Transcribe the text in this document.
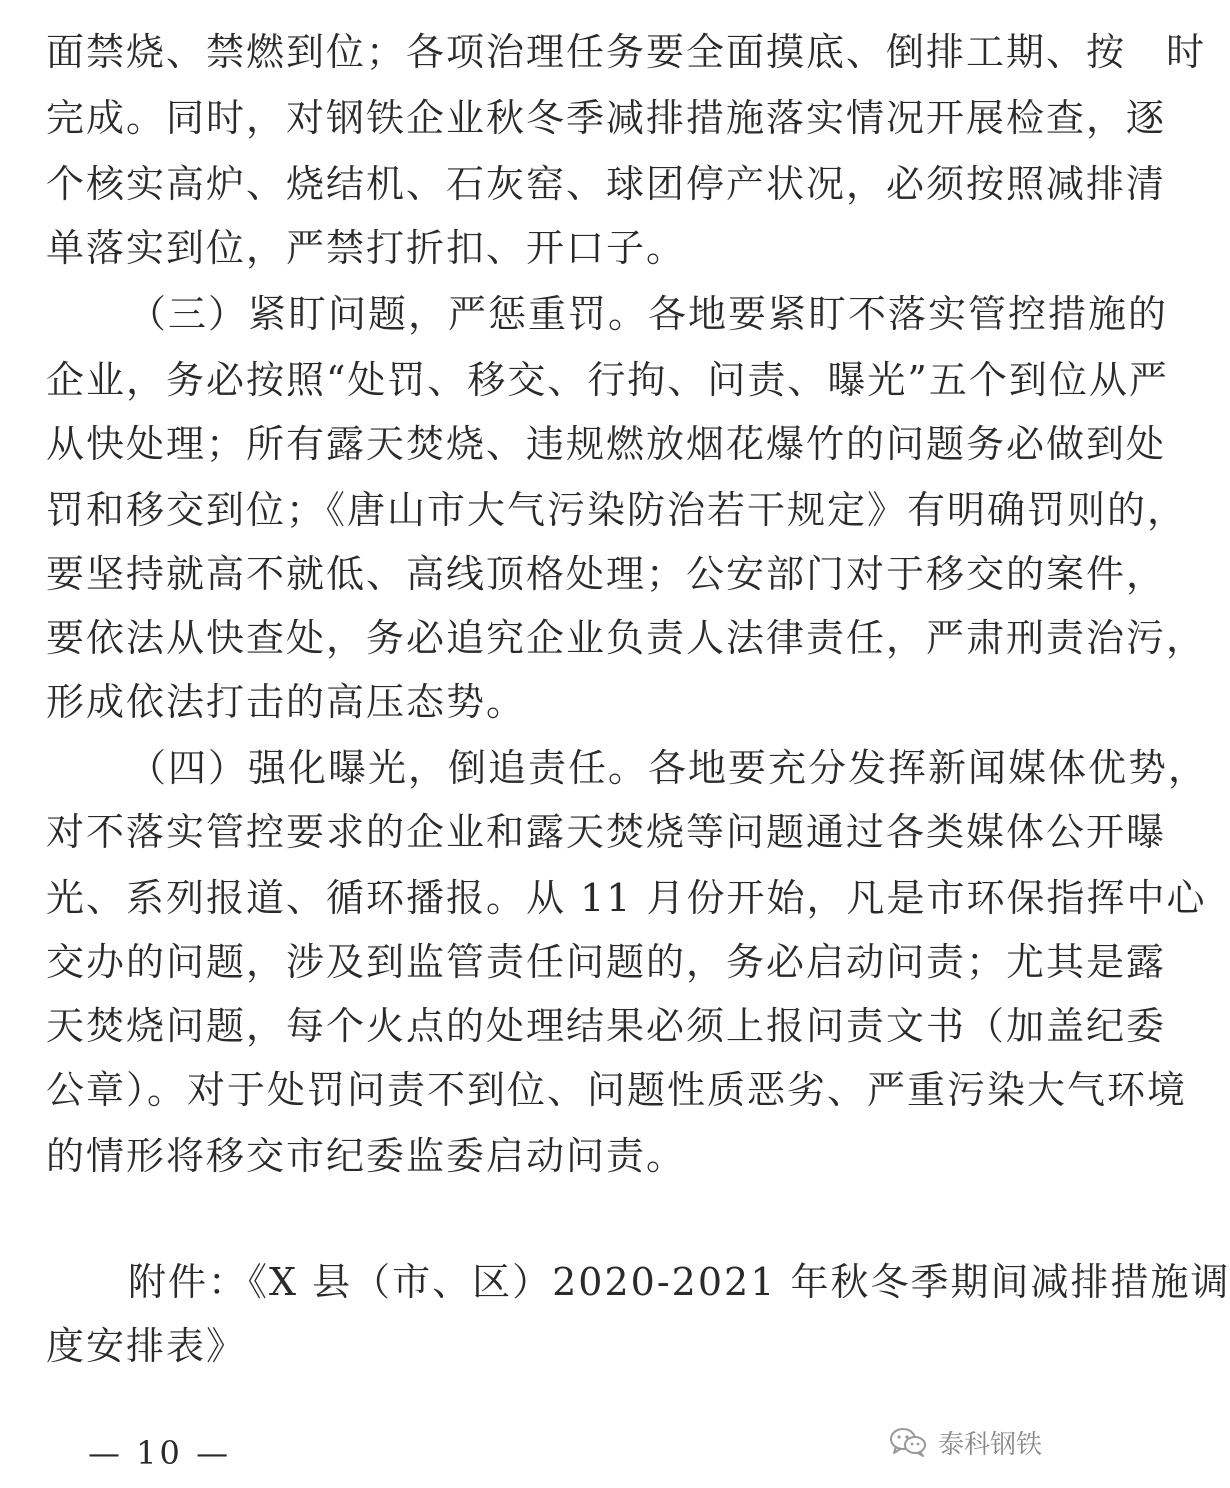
面禁烧、禁燃到位；各项治理任务要全面摸底、倒排工期、按　时
完成。同时，对钢铁企业秋冬季减排措施落实情况开展检查，逐
个核实高炉、烧结机、石灰窑、球团停产状况，必须按照减排清
单落实到位，严禁打折扣、开口子。
（三）紧盯问题，严惩重罚。各地要紧盯不落实管控措施的
企业，务必按照“处罚、移交、行拘、问责、曝光”五个到位从严
从快处理；所有露天焚烧、违规燃放烟花爆竹的问题务必做到处
罚和移交到位；《唐山市大气污染防治若干规定》有明确罚则的，
要坚持就高不就低、高线顶格处理；公安部门对于移交的案件，
要依法从快查处，务必追究企业负责人法律责任，严肃刑责治污，
形成依法打击的高压态势。
（四）强化曝光，倒追责任。各地要充分发挥新闻媒体优势，
对不落实管控要求的企业和露天焚烧等问题通过各类媒体公开曝
光、系列报道、循环播报。从 11 月份开始，凡是市环保指挥中心
交办的问题，涉及到监管责任问题的，务必启动问责；尤其是露
天焚烧问题，每个火点的处理结果必须上报问责文书（加盖纪委
公章）。对于处罚问责不到位、问题性质恶劣、严重污染大气环境
的情形将移交市纪委监委启动问责。
附件：《X 县（市、区）2020-2021 年秋冬季期间减排措施调
度安排表》
— 10 —	泰科钢铁
